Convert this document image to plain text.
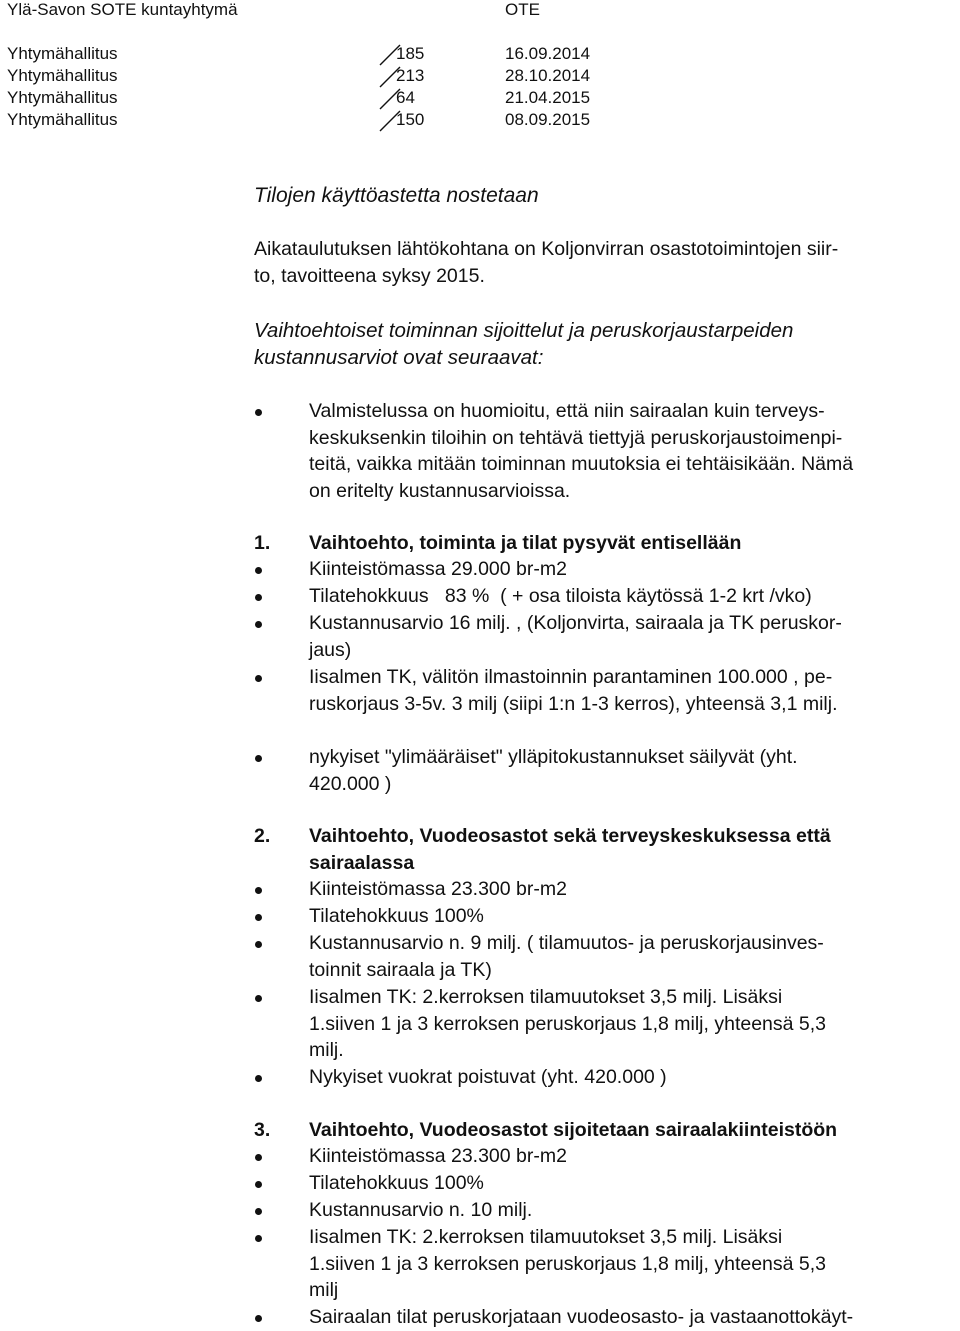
Ylä-Savon SOTE kuntayhtymä	OTE
Yhtymähallitus	185	16.09.2014
Yhtymähallitus	213	28.10.2014
Yhtymähallitus	64	21.04.2015
Yhtymähallitus	150	08.09.2015
Tilojen käyttöastetta nostetaan
Aikataulutuksen lähtökohtana on Koljonvirran osastotoimintojen siir-
to, tavoitteena syksy 2015.
Vaihtoehtoiset toiminnan sijoittelut ja peruskorjaustarpeiden
kustannusarviot ovat seuraavat:
Valmistelussa on huomioitu, että niin sairaalan kuin terveys-
keskuksenkin tiloihin on tehtävä tiettyjä peruskorjaustoimenpi-
teitä, vaikka mitään toiminnan muutoksia ei tehtäisikään. Nämä
on eritelty kustannusarvioissa.
1. Vaihtoehto, toiminta ja tilat pysyvät entisellään
Kiinteistömassa 29.000 br-m2
Tilatehokkuus   83 %  ( + osa tiloista käytössä 1-2 krt /vko)
Kustannusarvio 16 milj. , (Koljonvirta, sairaala ja TK peruskor-
jaus)
Iisalmen TK, välitön ilmastoinnin parantaminen 100.000 , pe-
ruskorjaus 3-5v. 3 milj (siipi 1:n 1-3 kerros), yhteensä 3,1 milj.
nykyiset "ylimääräiset" ylläpitokustannukset säilyvät (yht.
420.000 )
2. Vaihtoehto, Vuodeosastot sekä terveyskeskuksessa että
sairaalassa
Kiinteistömassa 23.300 br-m2
Tilatehokkuus 100%
Kustannusarvio n. 9 milj. ( tilamuutos- ja peruskorjausinves-
toinnit sairaala ja TK)
Iisalmen TK: 2.kerroksen tilamuutokset 3,5 milj. Lisäksi
1.siiven 1 ja 3 kerroksen peruskorjaus 1,8 milj, yhteensä 5,3
milj.
Nykyiset vuokrat poistuvat (yht. 420.000 )
3. Vaihtoehto, Vuodeosastot sijoitetaan sairaalakiinteistöön
Kiinteistömassa 23.300 br-m2
Tilatehokkuus 100%
Kustannusarvio n. 10 milj.
Iisalmen TK: 2.kerroksen tilamuutokset 3,5 milj. Lisäksi
1.siiven 1 ja 3 kerroksen peruskorjaus 1,8 milj, yhteensä 5,3
milj
Sairaalan tilat peruskorjataan vuodeosasto- ja vastaanottokäyt-
